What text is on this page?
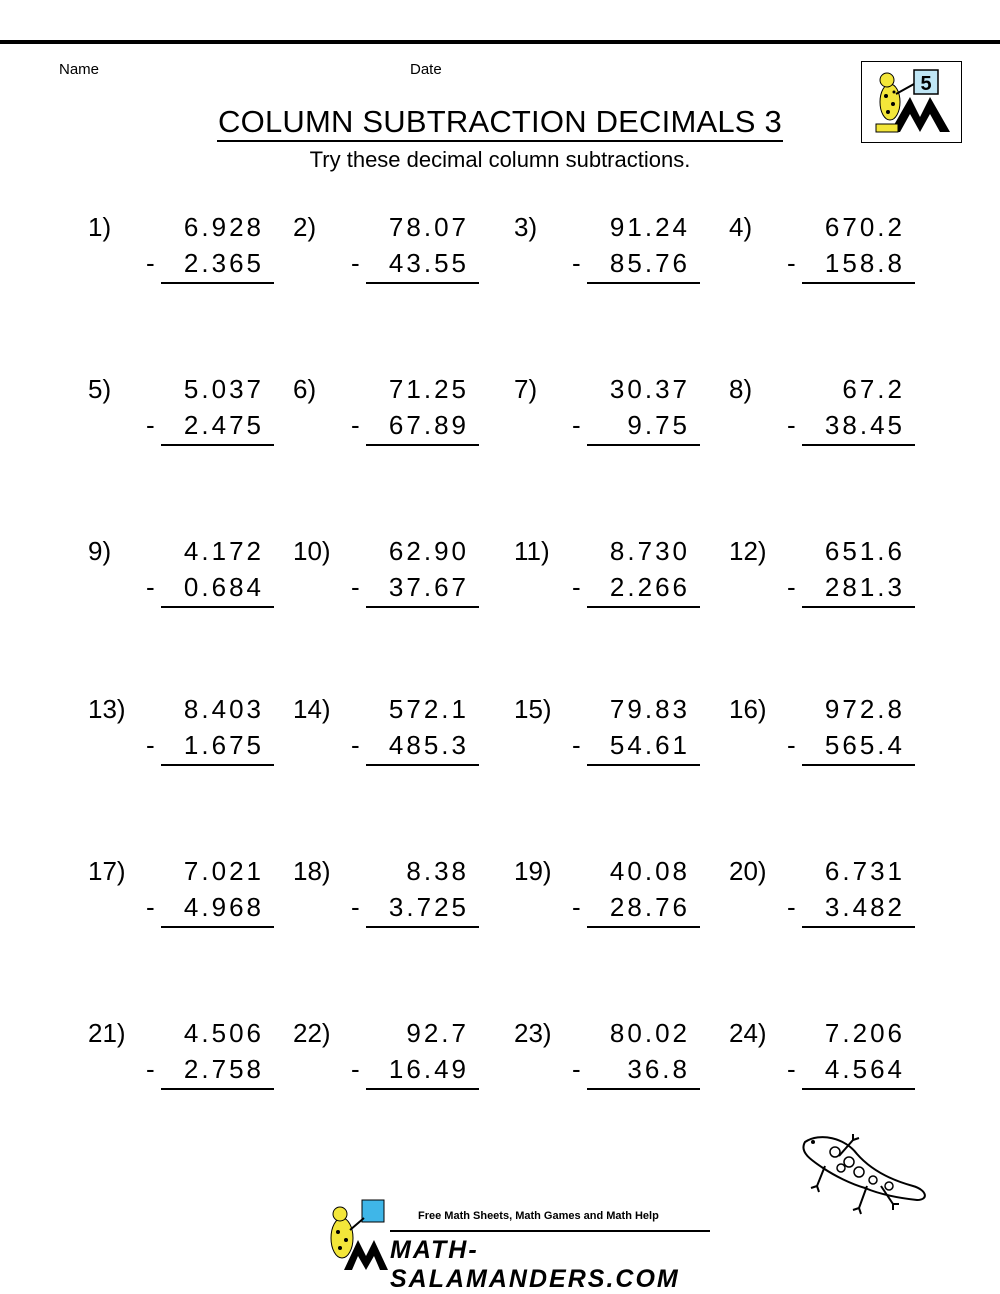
Name	Date
COLUMN SUBTRACTION DECIMALS 3
Try these decimal column subtractions.
5
1)	6.928
- 2.365
2)	78.07
- 43.55
3)	91.24
- 85.76
4)	670.2
- 158.8
5)	5.037
- 2.475
6)	71.25
- 67.89
7)	30.37
- 9.75
8)	67.2
- 38.45
9)	4.172
- 0.684
10) 62.90
- 37.67
11) 8.730
- 2.266
12) 651.6
- 281.3
13) 8.403
- 1.675
14) 572.1
- 485.3
15) 79.83
- 54.61
16) 972.8
- 565.4
17) 7.021
- 4.968
18)	8.38
- 3.725
19) 40.08
- 28.76
20) 6.731
- 3.482
21) 4.506
- 2.758
22)	92.7
- 16.49
23) 80.02
- 36.8
24) 7.206
- 4.564
Free Math Sheets, Math Games and Math Help
MATH-SALAMANDERS.COM
